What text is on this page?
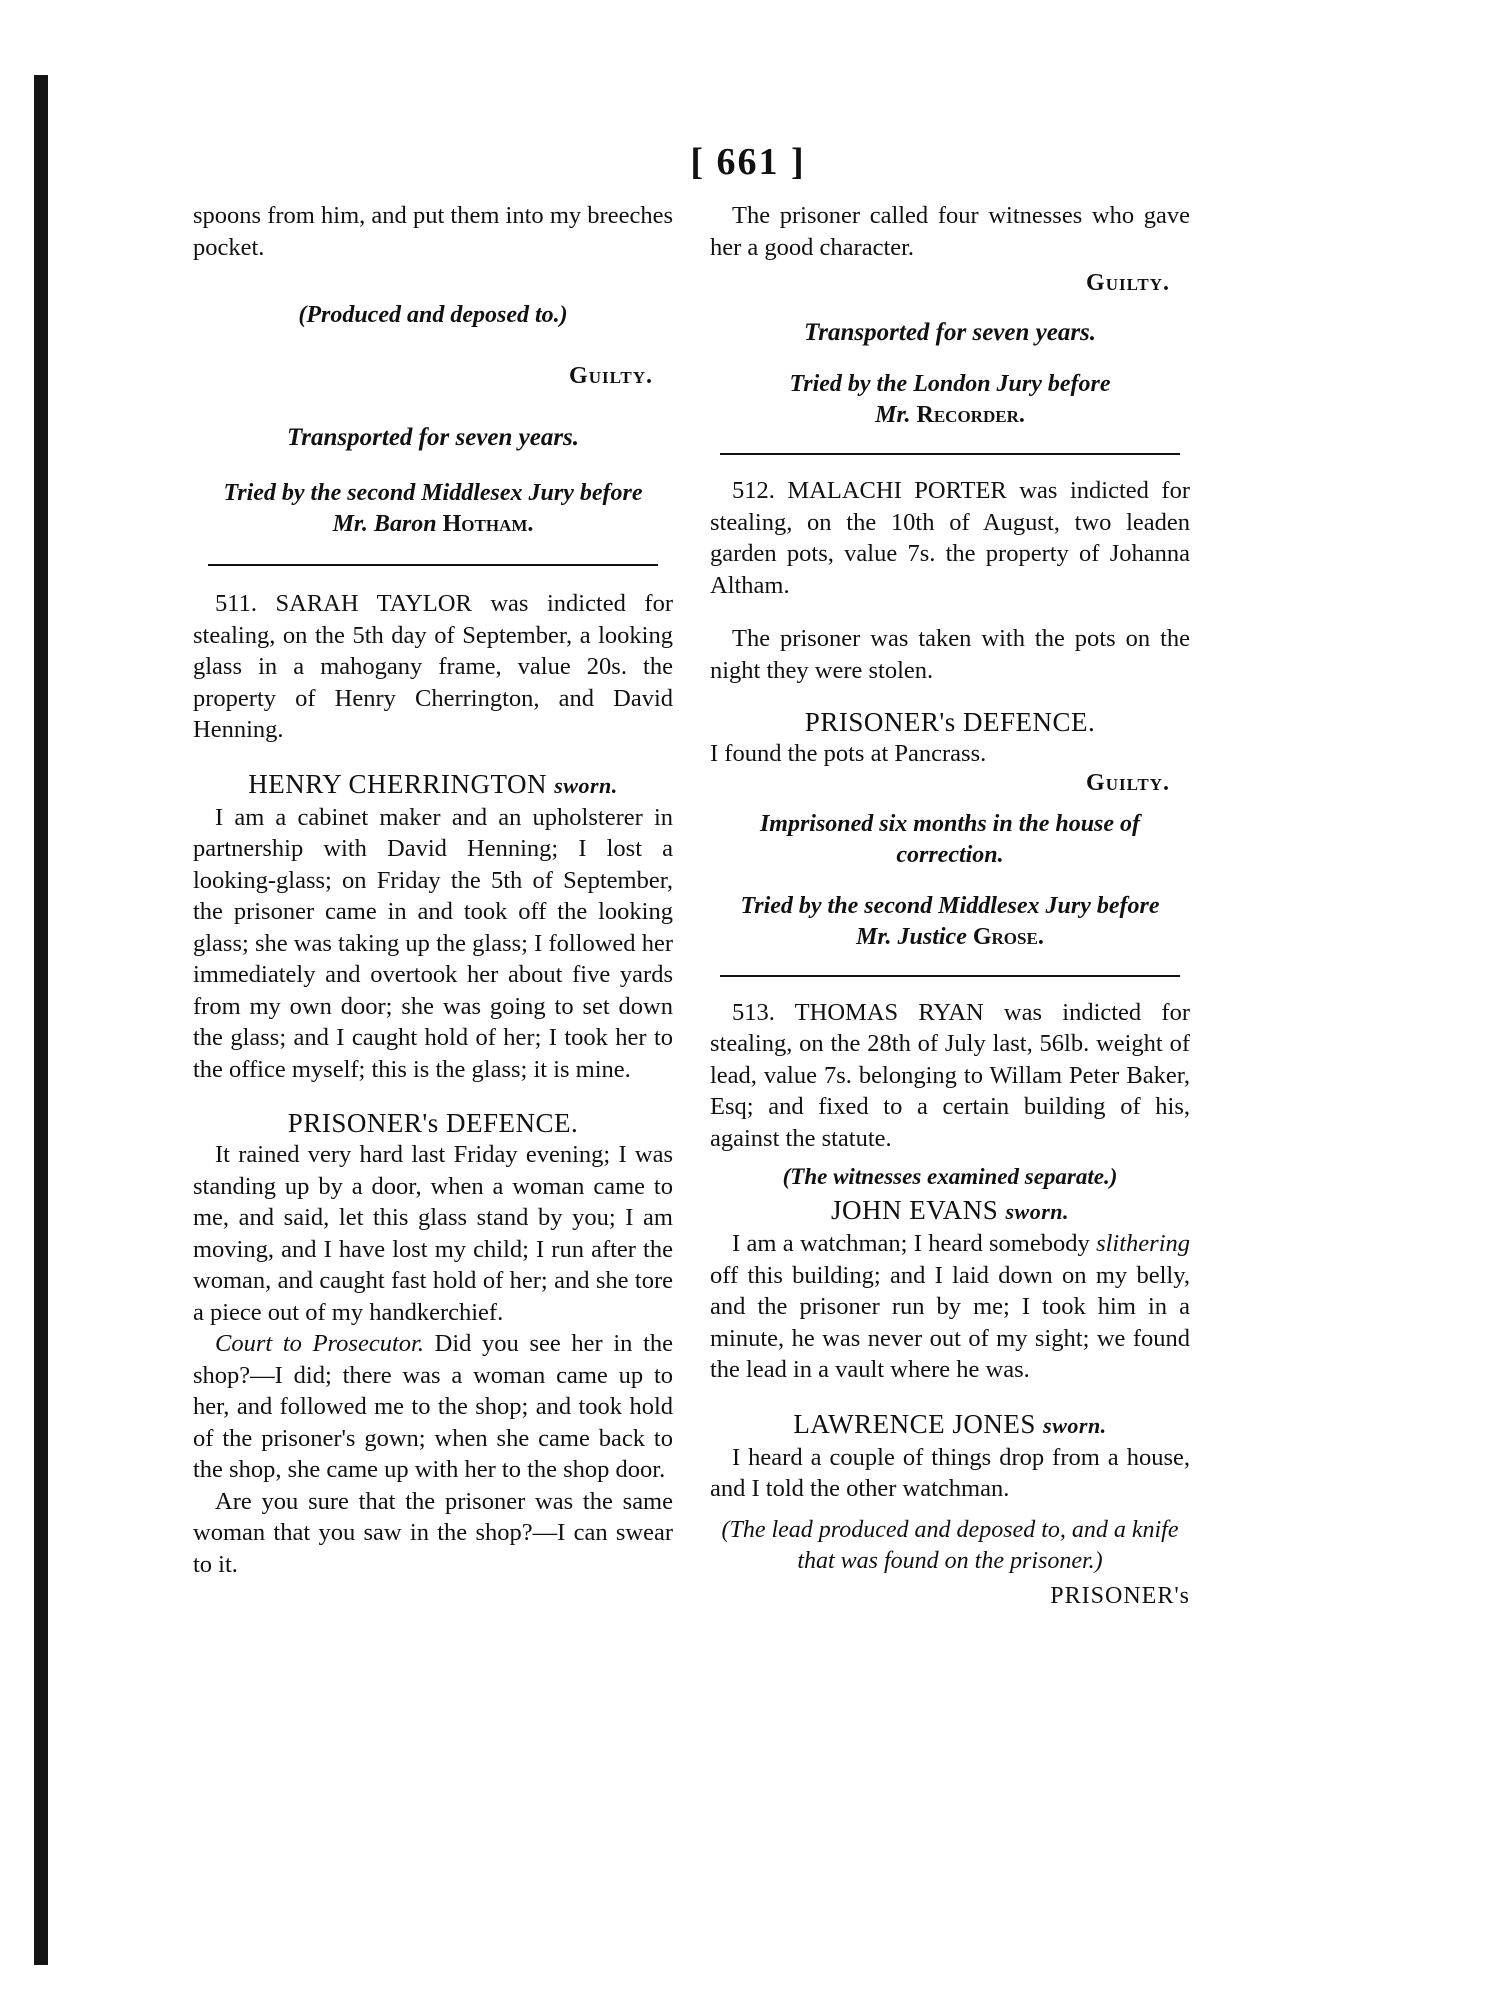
[ 661 ]

spoons from him, and put them into my breeches pocket.

(Produced and deposed to.)
Guilty.
Transported for seven years.
Tried by the second Middlesex Jury before
Mr. Baron Hotham.

511. SARAH TAYLOR was indicted for stealing, on the 5th day of September, a looking glass in a mahogany frame, value 20s. the property of Henry Cherrington, and David Henning.

HENRY CHERRINGTON sworn.

I am a cabinet maker and an upholsterer in partnership with David Henning; I lost a looking-glass; on Friday the 5th of September, the prisoner came in and took off the looking glass; she was taking up the glass; I followed her immediately and overtook her about five yards from my own door; she was going to set down the glass; and I caught hold of her; I took her to the office myself; this is the glass; it is mine.

PRISONER's DEFENCE.

It rained very hard last Friday evening; I was standing up by a door, when a woman came to me, and said, let this glass stand by you; I am moving, and I have lost my child; I run after the woman, and caught fast hold of her; and she tore a piece out of my handkerchief.

Court to Prosecutor. Did you see her in the shop?—I did; there was a woman came up to her, and followed me to the shop; and took hold of the prisoner's gown; when she came back to the shop, she came up with her to the shop door.

Are you sure that the prisoner was the same woman that you saw in the shop?—I can swear to it.

The prisoner called four witnesses who gave her a good character.

Guilty.
Transported for seven years.
Tried by the London Jury before
Mr. Recorder.

512. MALACHI PORTER was indicted for stealing, on the 10th of August, two leaden garden pots, value 7s. the property of Johanna Altham.

The prisoner was taken with the pots on the night they were stolen.

PRISONER's DEFENCE.

I found the pots at Pancrass.

Guilty.
Imprisoned six months in the house of correction.
Tried by the second Middlesex Jury before
Mr. Justice Grose.

513. THOMAS RYAN was indicted for stealing, on the 28th of July last, 56lb. weight of lead, value 7s. belonging to Willam Peter Baker, Esq; and fixed to a certain building of his, against the statute.

(The witnesses examined separate.)
JOHN EVANS sworn.

I am a watchman; I heard somebody slithering off this building; and I laid down on my belly, and the prisoner run by me; I took him in a minute, he was never out of my sight; we found the lead in a vault where he was.

LAWRENCE JONES sworn.

I heard a couple of things drop from a house, and I told the other watchman.

(The lead produced and deposed to, and a knife that was found on the prisoner.)
PRISONER's
